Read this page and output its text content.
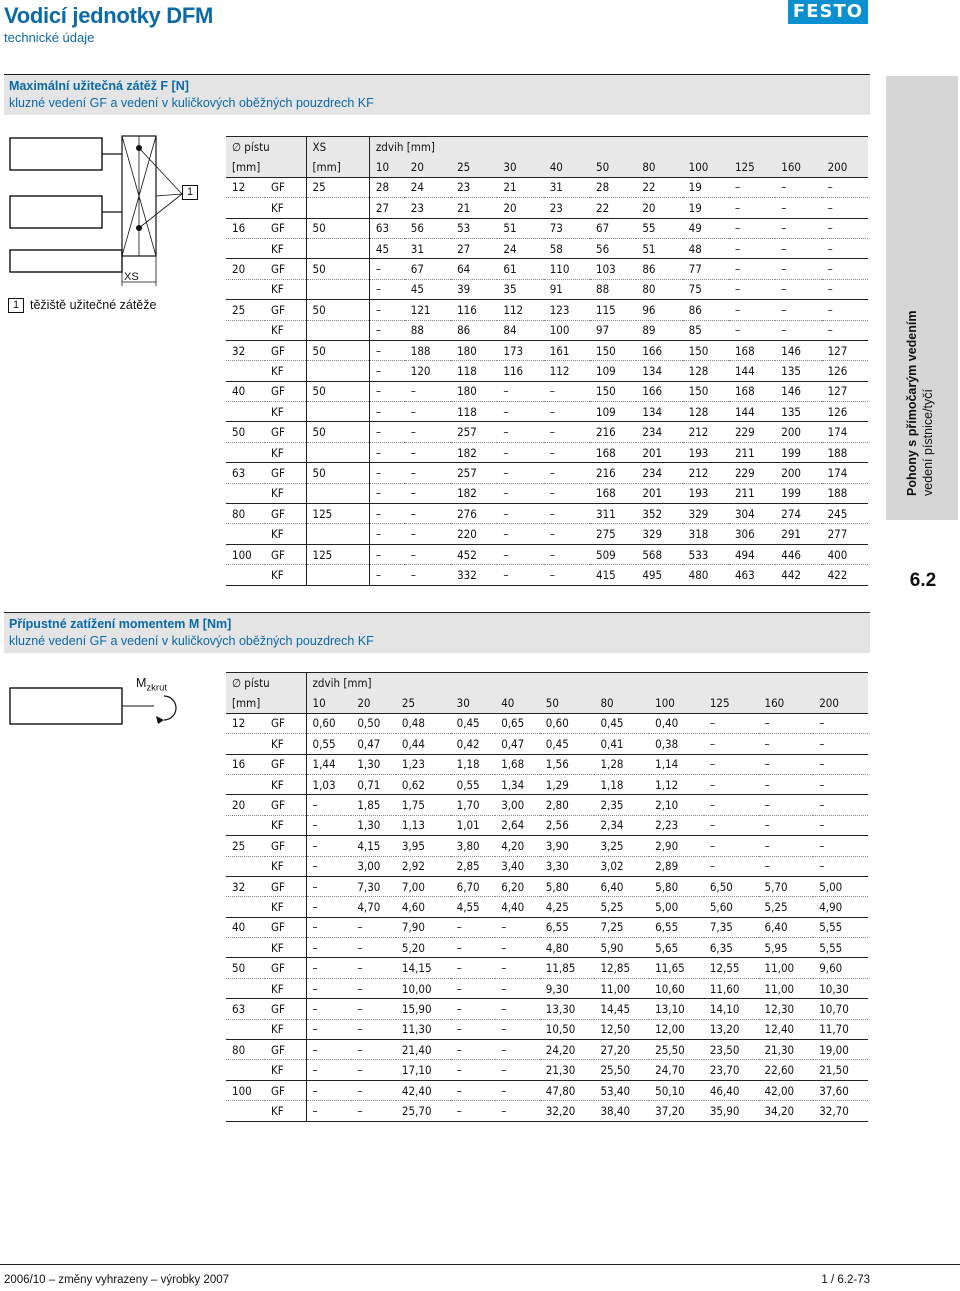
Vodicí jednotky DFM
technické údaje
FESTO
Pohony s přímočarým vedením vedení pístnice/tyčí
6.2
Maximální užitečná zátěž F [N]
kluzné vedení GF a vedení v kuličkových oběžných pouzdrech KF
1
XS
1 těžiště užitečné zátěže
∅ pístu		XS	zdvih [mm]										
[mm]		[mm]	10	20	25	30	40	50	80	100	125	160	200
12	GF	25	28	24	23	21	31	28	22	19	–	–	–
	KF		27	23	21	20	23	22	20	19	–	–	–
16	GF	50	63	56	53	51	73	67	55	49	–	–	–
	KF		45	31	27	24	58	56	51	48	–	–	–
20	GF	50	–	67	64	61	110	103	86	77	–	–	–
	KF		–	45	39	35	91	88	80	75	–	–	–
25	GF	50	–	121	116	112	123	115	96	86	–	–	–
	KF		–	88	86	84	100	97	89	85	–	–	–
32	GF	50	–	188	180	173	161	150	166	150	168	146	127
	KF		–	120	118	116	112	109	134	128	144	135	126
40	GF	50	–	–	180	–	–	150	166	150	168	146	127
	KF		–	–	118	–	–	109	134	128	144	135	126
50	GF	50	–	–	257	–	–	216	234	212	229	200	174
	KF		–	–	182	–	–	168	201	193	211	199	188
63	GF	50	–	–	257	–	–	216	234	212	229	200	174
	KF		–	–	182	–	–	168	201	193	211	199	188
80	GF	125	–	–	276	–	–	311	352	329	304	274	245
	KF		–	–	220	–	–	275	329	318	306	291	277
100	GF	125	–	–	452	–	–	509	568	533	494	446	400
	KF		–	–	332	–	–	415	495	480	463	442	422
Přípustné zatížení momentem M [Nm]
kluzné vedení GF a vedení v kuličkových oběžných pouzdrech KF
$M_{zkrut}$	∅ pístu		zdvih [mm]										
[mm]		10	20	25	30	40	50	80	100	125	160	200
12	GF	0,60	0,50	0,48	0,45	0,65	0,60	0,45	0,40	–	–	–
	KF	0,55	0,47	0,44	0,42	0,47	0,45	0,41	0,38	–	–	–
16	GF	1,44	1,30	1,23	1,18	1,68	1,56	1,28	1,14	–	–	–
	KF	1,03	0,71	0,62	0,55	1,34	1,29	1,18	1,12	–	–	–
20	GF	–	1,85	1,75	1,70	3,00	2,80	2,35	2,10	–	–	–
	KF	–	1,30	1,13	1,01	2,64	2,56	2,34	2,23	–	–	–
25	GF	–	4,15	3,95	3,80	4,20	3,90	3,25	2,90	–	–	–
	KF	–	3,00	2,92	2,85	3,40	3,30	3,02	2,89	–	–	–
32	GF	–	7,30	7,00	6,70	6,20	5,80	6,40	5,80	6,50	5,70	5,00
	KF	–	4,70	4,60	4,55	4,40	4,25	5,25	5,00	5,60	5,25	4,90
40	GF	–	–	7,90	–	–	6,55	7,25	6,55	7,35	6,40	5,55
	KF	–	–	5,20	–	–	4,80	5,90	5,65	6,35	5,95	5,55
50	GF	–	–	14,15	–	–	11,85	12,85	11,65	12,55	11,00	9,60
	KF	–	–	10,00	–	–	9,30	11,00	10,60	11,60	11,00	10,30
63	GF	–	–	15,90	–	–	13,30	14,45	13,10	14,10	12,30	10,70
	KF	–	–	11,30	–	–	10,50	12,50	12,00	13,20	12,40	11,70
80	GF	–	–	21,40	–	–	24,20	27,20	25,50	23,50	21,30	19,00
	KF	–	–	17,10	–	–	21,30	25,50	24,70	23,70	22,60	21,50
100	GF	–	–	42,40	–	–	47,80	53,40	50,10	46,40	42,00	37,60
	KF	–	–	25,70	–	–	32,20	38,40	37,20	35,90	34,20	32,70
2006/10 – změny vyhrazeny – výrobky 2007	1 / 6.2-73
